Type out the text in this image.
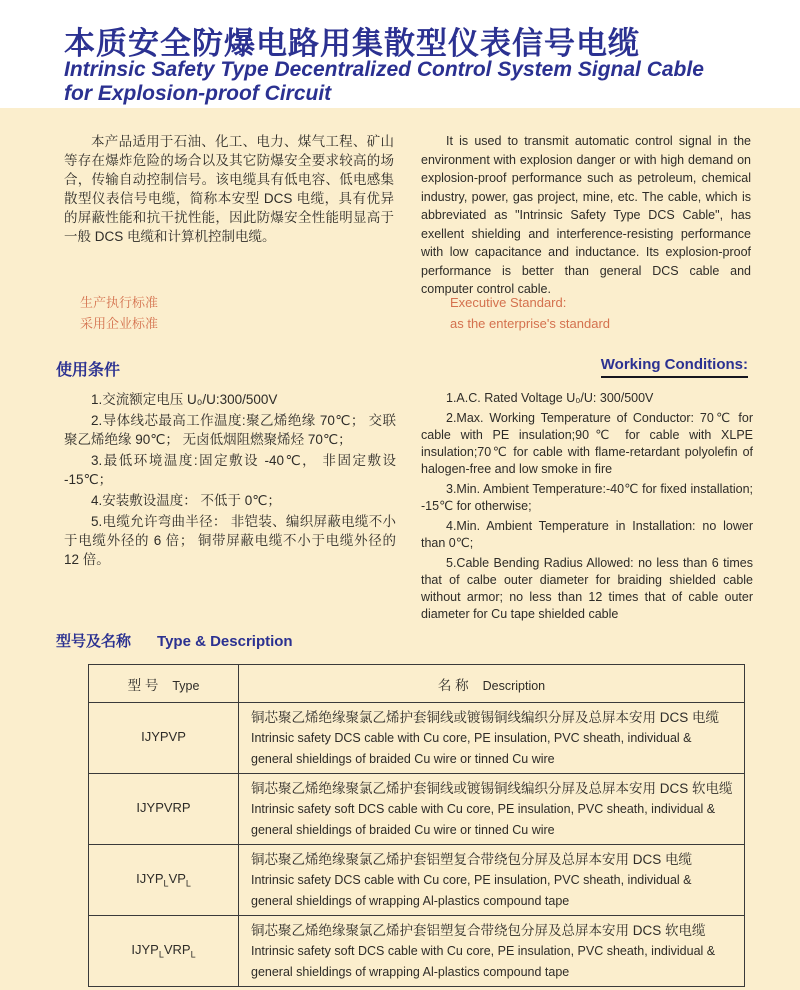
本质安全防爆电路用集散型仪表信号电缆
Intrinsic Safety Type Decentralized Control System Signal Cable
for Explosion-proof Circuit

本产品适用于石油、化工、电力、煤气工程、矿山等存在爆炸危险的场合以及其它防爆安全要求较高的场合，传输自动控制信号。该电缆具有低电容、低电感集散型仪表信号电缆，简称本安型 DCS 电缆，具有优异的屏蔽性能和抗干扰性能，因此防爆安全性能明显高于一般 DCS 电缆和计算机控制电缆。

It is used to transmit automatic control signal in the environment with explosion danger or with high demand on explosion-proof performance such as petroleum, chemical industry, power, gas project, mine, etc. The cable, which is abbreviated as "Intrinsic Safety Type DCS Cable", has exellent shielding and interference-resisting performance with low capacitance and inductance. Its explosion-proof performance is better than general DCS cable and computer control cable.

生产执行标准
采用企业标准
Executive Standard:
as the enterprise's standard
使用条件	Working Conditions:

1.交流额定电压 U₀/U:300/500V

2.导体线芯最高工作温度:聚乙烯绝缘 70℃； 交联聚乙烯绝缘 90℃； 无卤低烟阻燃聚烯烃 70℃；

3.最低环境温度:固定敷设 -40℃， 非固定敷设 -15℃；

4.安装敷设温度： 不低于 0℃；

5.电缆允许弯曲半径： 非铠装、编织屏蔽电缆不小于电缆外径的 6 倍； 铜带屏蔽电缆不小于电缆外径的 12 倍。

1.A.C. Rated Voltage U₀/U: 300/500V

2.Max. Working Temperature of Conductor: 70℃ for cable with PE insulation;90℃ for cable with XLPE insulation;70℃ for cable with flame-retardant polyolefin of halogen-free and low smoke in fire

3.Min. Ambient Temperature:-40℃ for fixed installation; -15℃ for otherwise;

4.Min. Ambient Temperature in Installation: no lower than 0℃;

5.Cable Bending Radius Allowed: no less than 6 times that of calbe outer diameter for braiding shielded cable without armor; no less than 12 times that of cable outer diameter for Cu tape shielded cable

型号及名称 Type & Description
型 号 Type	名 称 Description
IJYPVP	铜芯聚乙烯绝缘聚氯乙烯护套铜线或镀锡铜线编织分屏及总屏本安用 DCS 电缆
Intrinsic safety DCS cable with Cu core, PE insulation, PVC sheath, individual & general shieldings of braided Cu wire or tinned Cu wire

IJYPVRP	铜芯聚乙烯绝缘聚氯乙烯护套铜线或镀锡铜线编织分屏及总屏本安用 DCS 软电缆
Intrinsic safety soft DCS cable with Cu core, PE insulation, PVC sheath, individual & general shieldings of braided Cu wire or tinned Cu wire

$IJYP_LVP_L$	铜芯聚乙烯绝缘聚氯乙烯护套铝塑复合带绕包分屏及总屏本安用 DCS 电缆
Intrinsic safety DCS cable with Cu core, PE insulation, PVC sheath, individual & general shieldings of wrapping Al-plastics compound tape

$IJYP_LVRP_L$	铜芯聚乙烯绝缘聚氯乙烯护套铝塑复合带绕包分屏及总屏本安用 DCS 软电缆
Intrinsic safety soft DCS cable with Cu core, PE insulation, PVC sheath, individual & general shieldings of wrapping Al-plastics compound tape
